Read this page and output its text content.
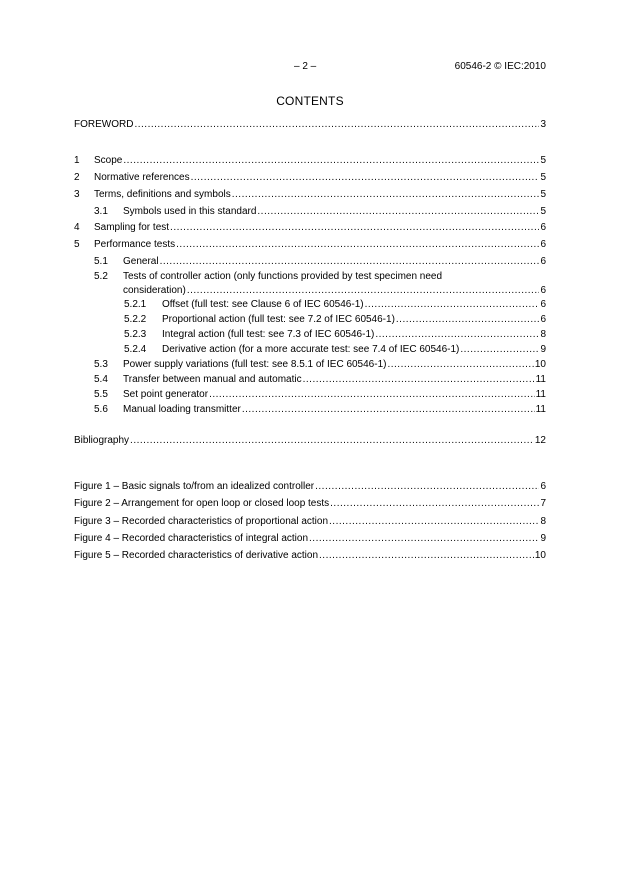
– 2 –	60546-2 © IEC:2010
CONTENTS
FOREWORD .....	3
1	Scope .....	5
2	Normative references .....	5
3	Terms, definitions and symbols .....	5
3.1	Symbols used in this standard .....	5
4	Sampling for test .....	6
5	Performance tests .....	6
5.1	General .....	6
5.2	Tests of controller action (only functions provided by test specimen need
consideration) .....	6
5.2.1	Offset (full test: see Clause 6 of IEC 60546-1) .....	6
5.2.2	Proportional action (full test: see 7.2 of IEC 60546-1) .....	6
5.2.3	Integral action (full test: see 7.3 of IEC 60546-1) .....	8
5.2.4	Derivative action (for a more accurate test: see 7.4 of IEC 60546-1) .....	9
5.3	Power supply variations (full test: see 8.5.1 of IEC 60546-1) .....	10
5.4	Transfer between manual and automatic .....	11
5.5	Set point generator .....	11
5.6	Manual loading transmitter .....	11
Bibliography .....	12
Figure 1 – Basic signals to/from an idealized controller .....	6
Figure 2 – Arrangement for open loop or closed loop tests .....	7
Figure 3 – Recorded characteristics of proportional action .....	8
Figure 4 – Recorded characteristics of integral action .....	9
Figure 5 – Recorded characteristics of derivative action .....	10
